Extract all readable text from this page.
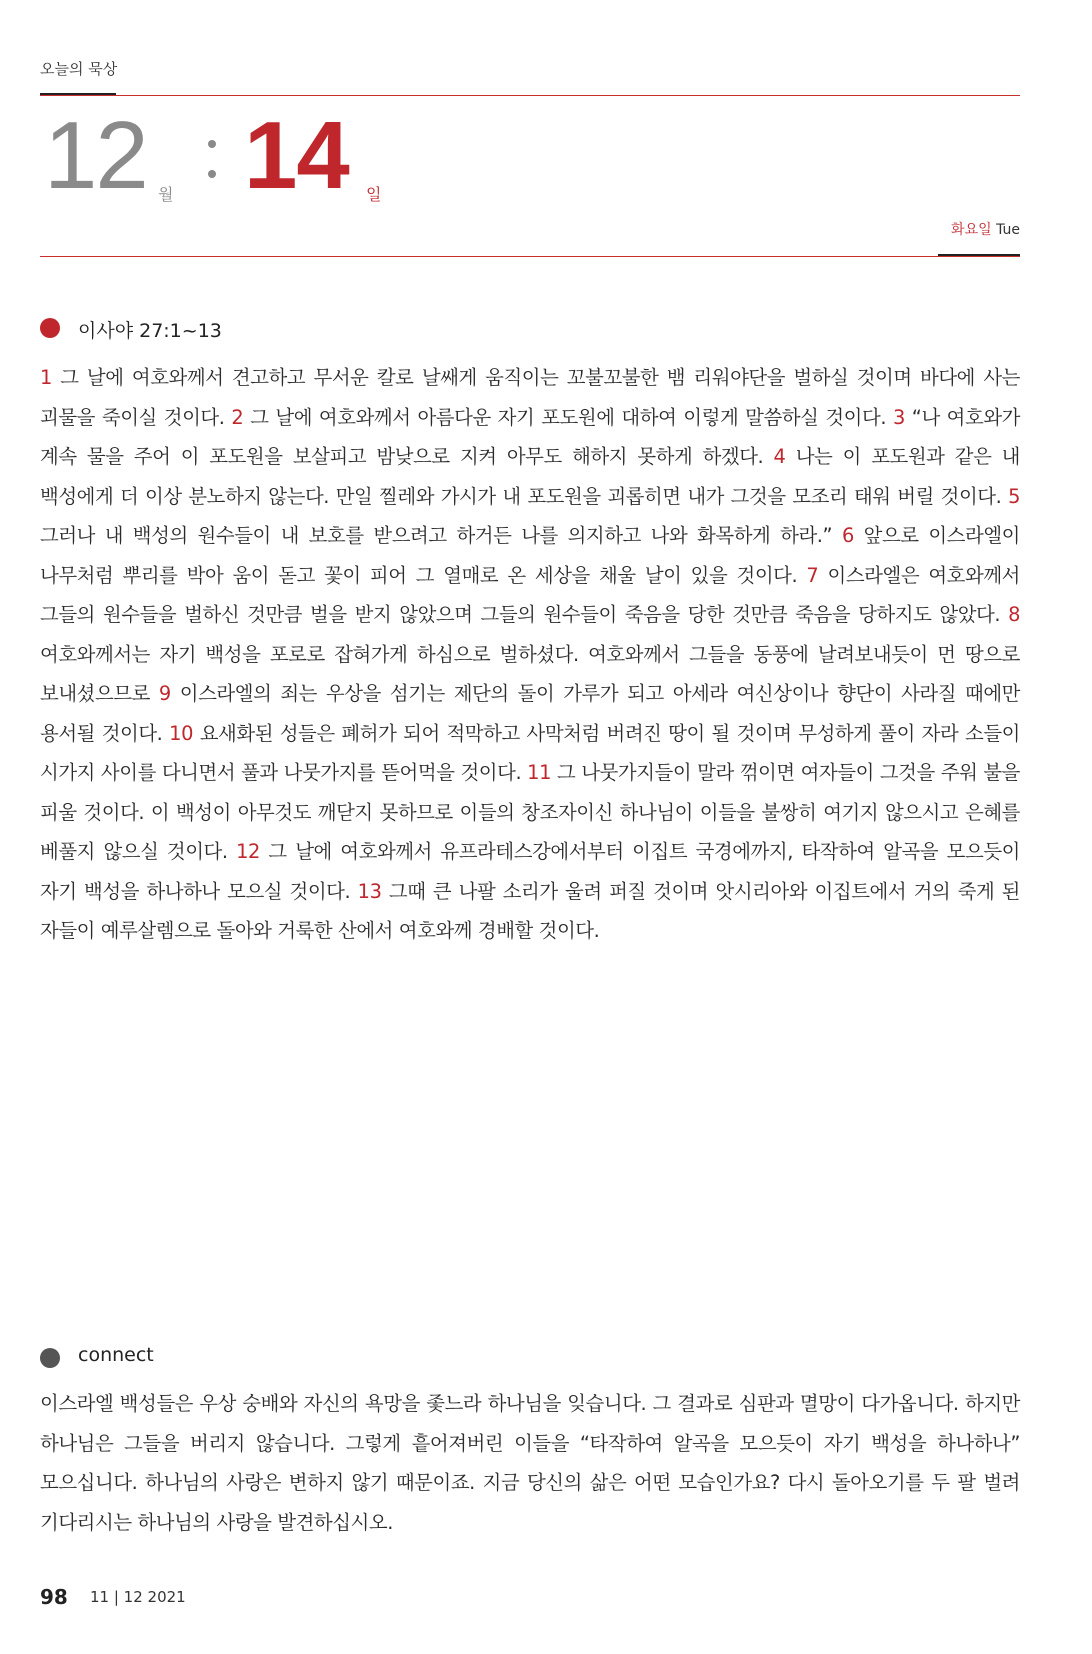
오늘의 묵상
12 월 14 일
화요일 Tue
이사야 27:1~13
1 그 날에 여호와께서 견고하고 무서운 칼로 날쌔게 움직이는 꼬불꼬불한 뱀 리워야단을 벌하실 것이며 바다에 사는 괴물을 죽이실 것이다. 2 그 날에 여호와께서 아름다운 자기 포도원에 대하여 이렇게 말씀하실 것이다. 3 “나 여호와가 계속 물을 주어 이 포도원을 보살피고 밤낮으로 지켜 아무도 해하지 못하게 하겠다. 4 나는 이 포도원과 같은 내 백성에게 더 이상 분노하지 않는다. 만일 찔레와 가시가 내 포도원을 괴롭히면 내가 그것을 모조리 태워 버릴 것이다. 5 그러나 내 백성의 원수들이 내 보호를 받으려고 하거든 나를 의지하고 나와 화목하게 하라.” 6 앞으로 이스라엘이 나무처럼 뿌리를 박아 움이 돋고 꽃이 피어 그 열매로 온 세상을 채울 날이 있을 것이다. 7 이스라엘은 여호와께서 그들의 원수들을 벌하신 것만큼 벌을 받지 않았으며 그들의 원수들이 죽음을 당한 것만큼 죽음을 당하지도 않았다. 8 여호와께서는 자기 백성을 포로로 잡혀가게 하심으로 벌하셨다. 여호와께서 그들을 동풍에 날려보내듯이 먼 땅으로 보내셨으므로 9 이스라엘의 죄는 우상을 섬기는 제단의 돌이 가루가 되고 아세라 여신상이나 향단이 사라질 때에만 용서될 것이다. 10 요새화된 성들은 폐허가 되어 적막하고 사막처럼 버려진 땅이 될 것이며 무성하게 풀이 자라 소들이 시가지 사이를 다니면서 풀과 나뭇가지를 뜯어먹을 것이다. 11 그 나뭇가지들이 말라 꺾이면 여자들이 그것을 주워 불을 피울 것이다. 이 백성이 아무것도 깨닫지 못하므로 이들의 창조자이신 하나님이 이들을 불쌍히 여기지 않으시고 은혜를 베풀지 않으실 것이다. 12 그 날에 여호와께서 유프라테스강에서부터 이집트 국경에까지, 타작하여 알곡을 모으듯이 자기 백성을 하나하나 모으실 것이다. 13 그때 큰 나팔 소리가 울려 퍼질 것이며 앗시리아와 이집트에서 거의 죽게 된 자들이 예루살렘으로 돌아와 거룩한 산에서 여호와께 경배할 것이다.
connect
이스라엘 백성들은 우상 숭배와 자신의 욕망을 좇느라 하나님을 잊습니다. 그 결과로 심판과 멸망이 다가옵니다. 하지만 하나님은 그들을 버리지 않습니다. 그렇게 흩어져버린 이들을 “타작하여 알곡을 모으듯이 자기 백성을 하나하나” 모으십니다. 하나님의 사랑은 변하지 않기 때문이죠. 지금 당신의 삶은 어떤 모습인가요? 다시 돌아오기를 두 팔 벌려 기다리시는 하나님의 사랑을 발견하십시오.
98 11 | 12 2021
